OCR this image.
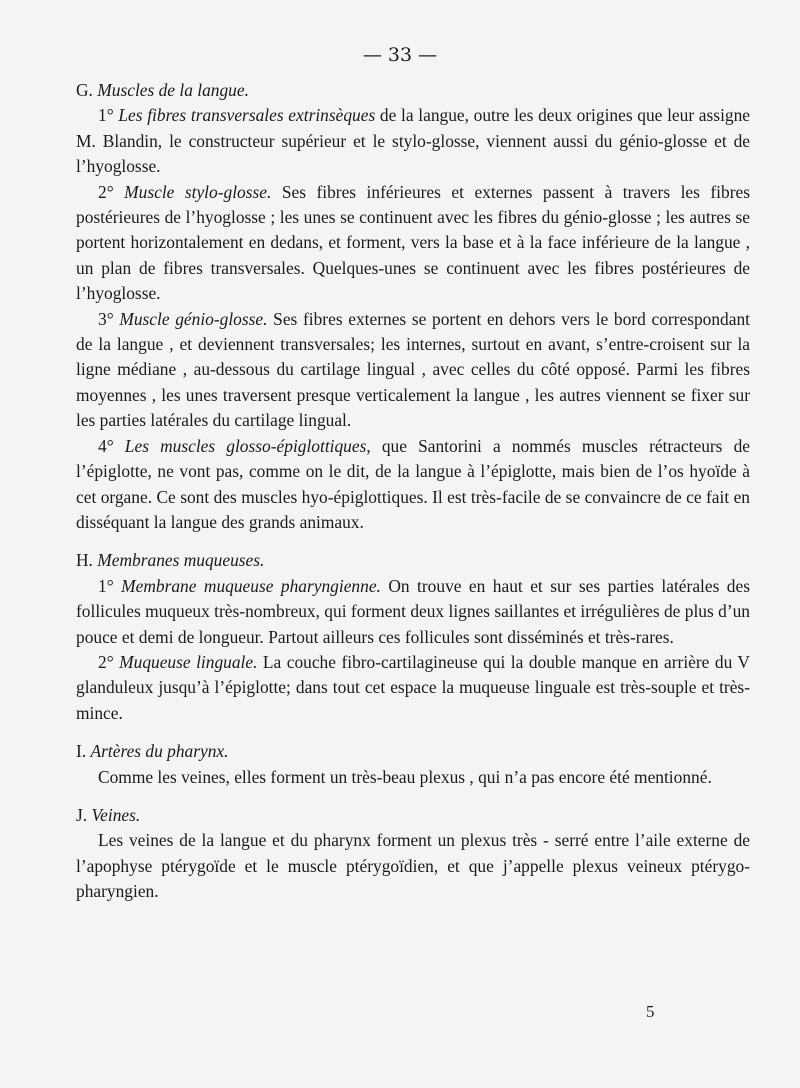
— 33 —

G. Muscles de la langue.

1° Les fibres transversales extrinsèques de la langue, outre les deux origines que leur assigne M. Blandin, le constructeur supérieur et le stylo-glosse, viennent aussi du génio-glosse et de l’hyoglosse.

2° Muscle stylo-glosse. Ses fibres inférieures et externes passent à travers les fibres postérieures de l’hyoglosse ; les unes se continuent avec les fibres du génio-glosse ; les autres se portent horizontalement en dedans, et forment, vers la base et à la face inférieure de la langue , un plan de fibres transversales. Quelques-unes se continuent avec les fibres postérieures de l’hyoglosse.

3° Muscle génio-glosse. Ses fibres externes se portent en dehors vers le bord correspondant de la langue , et deviennent transversales; les internes, surtout en avant, s’entre-croisent sur la ligne médiane , au-dessous du cartilage lingual , avec celles du côté opposé. Parmi les fibres moyennes , les unes traversent presque verticalement la langue , les autres viennent se fixer sur les parties latérales du cartilage lingual.

4° Les muscles glosso-épiglottiques, que Santorini a nommés muscles rétracteurs de l’épiglotte, ne vont pas, comme on le dit, de la langue à l’épiglotte, mais bien de l’os hyoïde à cet organe. Ce sont des muscles hyo-épiglottiques. Il est très-facile de se convaincre de ce fait en disséquant la langue des grands animaux.

H. Membranes muqueuses.

1° Membrane muqueuse pharyngienne. On trouve en haut et sur ses parties latérales des follicules muqueux très-nombreux, qui forment deux lignes saillantes et irrégulières de plus d’un pouce et demi de longueur. Partout ailleurs ces follicules sont disséminés et très-rares.

2° Muqueuse linguale. La couche fibro-cartilagineuse qui la double manque en arrière du V glanduleux jusqu’à l’épiglotte; dans tout cet espace la muqueuse linguale est très-souple et très-mince.

I. Artères du pharynx.

Comme les veines, elles forment un très-beau plexus , qui n’a pas encore été mentionné.

J. Veines.

Les veines de la langue et du pharynx forment un plexus très - serré entre l’aile externe de l’apophyse ptérygoïde et le muscle ptérygoïdien, et que j’appelle plexus veineux ptérygo-pharyngien.

5
